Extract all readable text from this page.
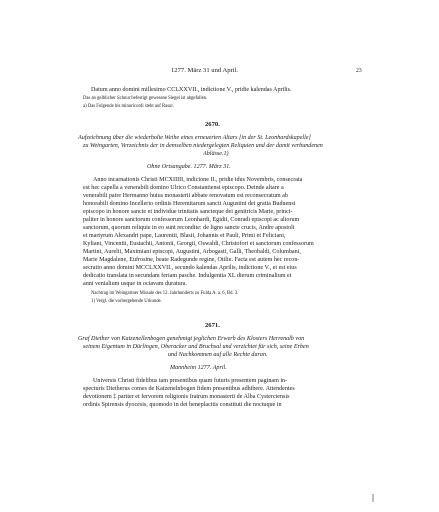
1277. März 31 und April.	23

Datum anno domini millesimo CCLXXVII., indictione V., pridie kalendas Aprilis.

Das an gelblicher Schnur befestigt gewesene Siegel ist abgefallen.

a) Das Folgende bis minoricordi steht auf Rasur.

2670.

Aufzeichnung über die wiederholte Weihe eines erneuerten Altars [in der St. Leonhardskapelle]

zu Weingarten, Verzeichnis der in demselben niedergelegten Reliquien und der damit verbundenen

Ablässe.1)

Ohne Ortsangabe. 1277. März 31.

Anno incarnationis Christi MCXIIIII, indicione II., pridie idus Novembris, consecrata

est hec capella a venerabili domino Ulrico Constantiensi episcopo. Deinde altare a

venerabili patre Hermanno huius monasterii abbate renovatum est reconsecratum ab

honorabili domino Incellerio ordinis Heremitarum sancti Augustini dei gratia Buduensi

episcopo in honore sancte et individue trinitatis sancteque dei genitricis Marie, princi-

paliter in honore sanctorum confessorum Leonhardi, Egidii, Conradi episcopi ac aliorum

sanctorum, quorum reliquie in eo sunt recondite: de ligno sancte crucis, Andre apostoli

et martyrum Alexandri pape, Laurentii, Blasii, Johannis et Pauli, Primi et Feliciani,

Kyliani, Vincentii, Eustachii, Antonii, Georgii, Oswaldi, Christofori et sanctorum confessorum

Martini, Aurelii, Maximiani episcopi, Augustini, Arbogasti, Galli, Theobaldi, Columbani,

Marie Magdalene, Eufrosine, beate Radegunde regine, Otilie. Facta est autem hec recon-

secratio anno domini MCCLXXVII., secundo kalendas Aprilis, indictione V., et est eius

dedicatio translata in secundam feriam pasche. Indulgentia XL dierum criminalium et

anni venialium usque in octavam duratura.

Nachtrag im Weingartner Missale des 12. Jahrhunderts zu Fulda A. a. 6, Bd. 3.

1) Vergl. die vorhergehende Urkunde.

2671.

Graf Diether von Katzenellenbogen genehmigt jeglichen Erwerb des Klosters Herrenalb von

seinem Eigentum in Dürlingen, Oberacker und Bruchsal und verzichtet für sich, seine Erben

und Nachkommen auf alle Rechte daran.

Mannheim 1277. April.

Universis Christi fidelibus tam presentibus quam futuris presentem paginam in-

specturis Dietherus comes de Katzenelnbogen fidem presentibus adhibere. Attendentes

devotionem ‡ pariter et fervorem religionis fratrum monasterii de Alba Cysterciensis

ordinis Spirensis dyocesis, quomodo in dei beneplacitis constituti die noctuque in
